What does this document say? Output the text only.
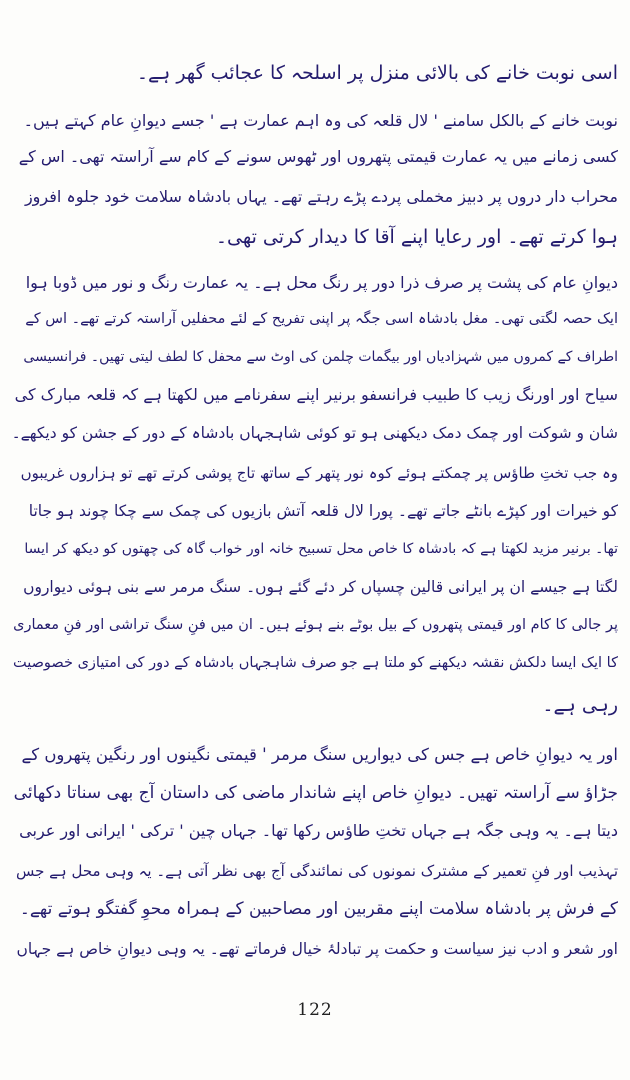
اسی نوبت خانے کی بالائی منزل پر اسلحہ کا عجائب گھر ہے۔
نوبت خانے کے بالکل سامنے ' لال قلعہ کی وہ اہم عمارت ہے ' جسے دیوانِ عام کہتے ہیں۔
کسی زمانے میں یہ عمارت قیمتی پتھروں اور ٹھوس سونے کے کام سے آراستہ تھی۔ اس کے
محراب دار دروں پر دبیز مخملی پردے پڑے رہتے تھے۔ یہاں بادشاہ سلامت خود جلوہ افروز
ہوا کرتے تھے۔ اور رعایا اپنے آقا کا دیدار کرتی تھی۔
دیوانِ عام کی پشت پر صرف ذرا دور پر رنگ محل ہے۔ یہ عمارت رنگ و نور میں ڈوبا ہوا
ایک حصہ لگتی تھی۔ مغل بادشاہ اسی جگہ پر اپنی تفریح کے لئے محفلیں آراستہ کرتے تھے۔ اس کے
اطراف کے کمروں میں شہزادیاں اور بیگمات چلمن کی اوٹ سے محفل کا لطف لیتی تھیں۔ فرانسیسی
سیاح اور اورنگ زیب کا طبیب فرانسفو برنیر اپنے سفرنامے میں لکھتا ہے کہ قلعہ مبارک کی
شان و شوکت اور چمک دمک دیکھنی ہو تو کوئی شاہجہاں بادشاہ کے دور کے جشن کو دیکھے۔
وہ جب تختِ طاؤس پر چمکتے ہوئے کوہ نور پتھر کے ساتھ تاج پوشی کرتے تھے تو ہزاروں غریبوں
کو خیرات اور کپڑے بانٹے جاتے تھے۔ پورا لال قلعہ آتش بازیوں کی چمک سے چکا چوند ہو جاتا
تھا۔ برنیر مزید لکھتا ہے کہ بادشاہ کا خاص محل تسبیح خانہ اور خواب گاہ کی چھتوں کو دیکھ کر ایسا
لگتا ہے جیسے ان پر ایرانی قالین چسپاں کر دئے گئے ہوں۔ سنگ مرمر سے بنی ہوئی دیواروں
پر جالی کا کام اور قیمتی پتھروں کے بیل بوٹے بنے ہوئے ہیں۔ ان میں فنِ سنگ تراشی اور فنِ معماری
کا ایک ایسا دلکش نقشہ دیکھنے کو ملتا ہے جو صرف شاہجہاں بادشاہ کے دور کی امتیازی خصوصیت
رہی ہے۔
اور یہ دیوانِ خاص ہے جس کی دیواریں سنگ مرمر ' قیمتی نگینوں اور رنگین پتھروں کے
جڑاؤ سے آراستہ تھیں۔ دیوانِ خاص اپنے شاندار ماضی کی داستان آج بھی سناتا دکھائی
دیتا ہے۔ یہ وہی جگہ ہے جہاں تختِ طاؤس رکھا تھا۔ جہاں چین ' ترکی ' ایرانی اور عربی
تہذیب اور فنِ تعمیر کے مشترک نمونوں کی نمائندگی آج بھی نظر آتی ہے۔ یہ وہی محل ہے جس
کے فرش پر بادشاہ سلامت اپنے مقربین اور مصاحبین کے ہمراہ محوِ گفتگو ہوتے تھے۔
اور شعر و ادب نیز سیاست و حکمت پر تبادلۂ خیال فرماتے تھے۔ یہ وہی دیوانِ خاص ہے جہاں
122
